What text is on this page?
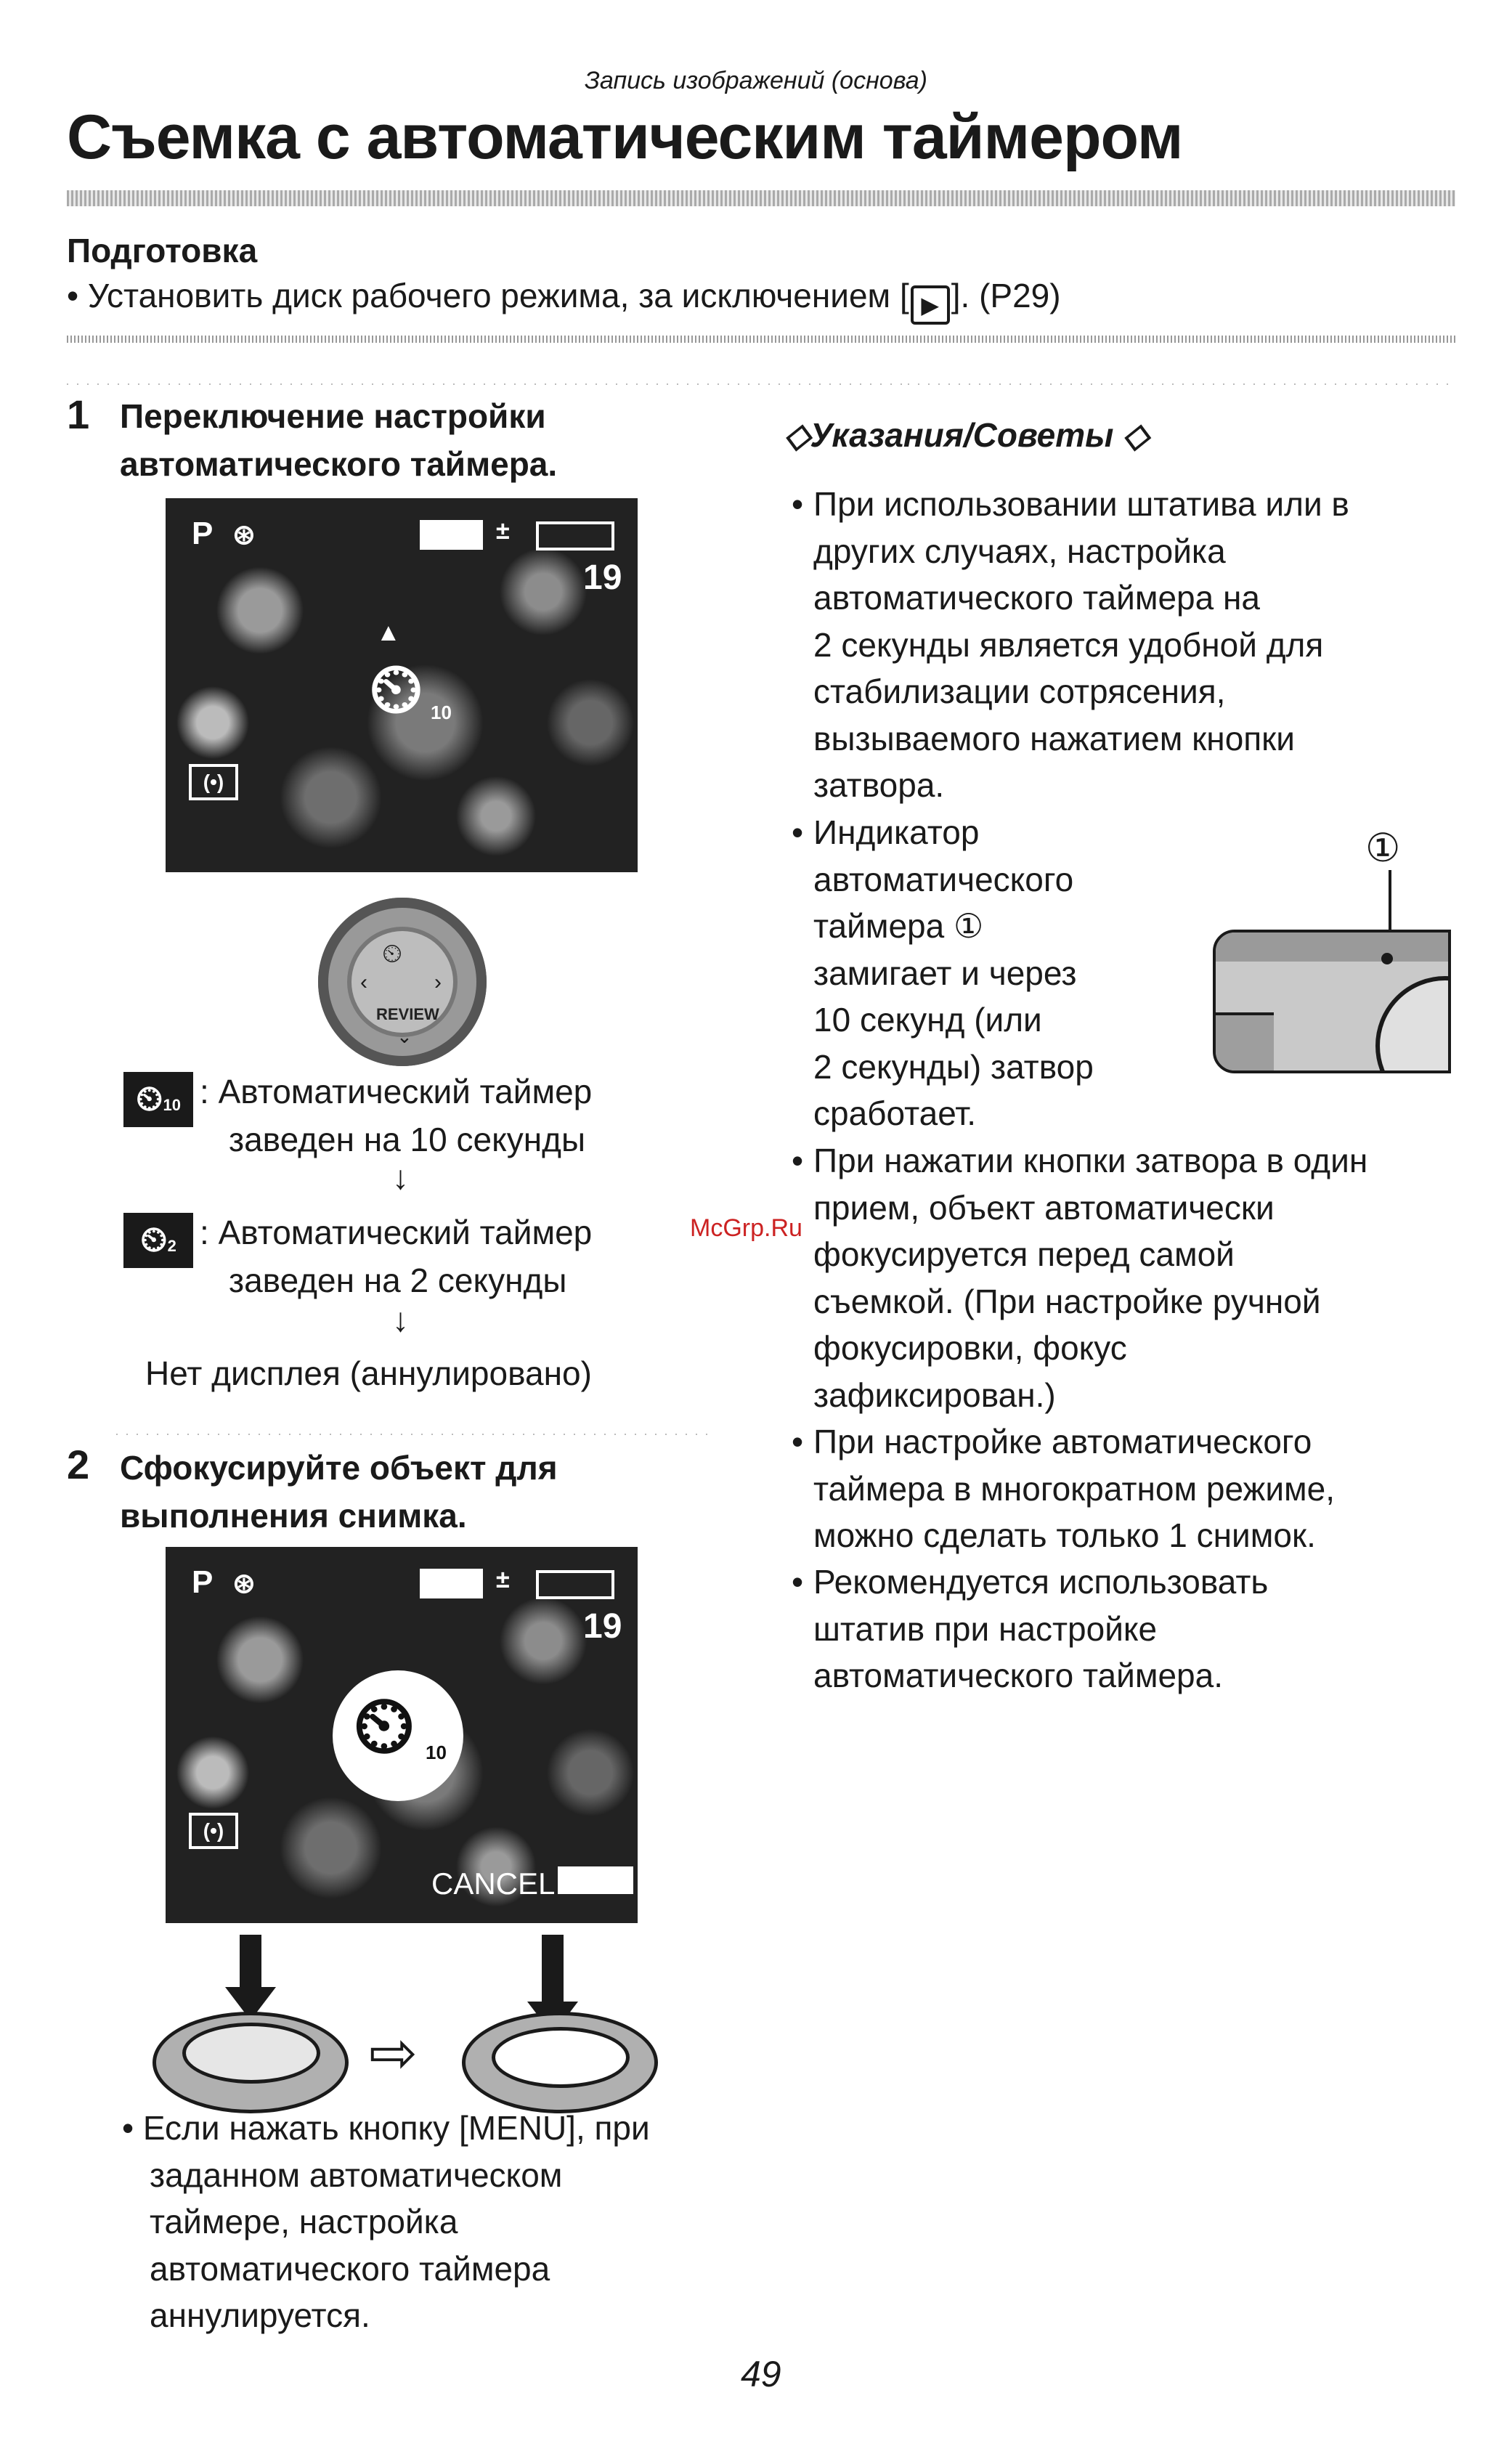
Запись изображений (основа)
Съемка с автоматическим таймером
Подготовка
• Установить диск рабочего режима, за исключением [ ▶ ]. (P29)
1 Переключение настройки
автоматического таймера.
P ⊛	2560 ±
19
▲
⏲ 10
(•)
⏲
REVIEW
‹	›
⌄
⏲10 : Автоматический таймер
заведен на 10 секунды
↓
⏲2 : Автоматический таймер
заведен на 2 секунды
↓
Нет дисплея (аннулировано)
2 Сфокусируйте объект для
выполнения снимка.
P ⊛	2560 ±
19
⏲ 10
(•)
CANCEL MENU
⇨
• Если нажать кнопку [MENU], при
заданном автоматическом
таймере, настройка
автоматического таймера
аннулируется.
◇Указания/Советы ◇
• При использовании штатива или в
других случаях, настройка
автоматического таймера на
2 секунды является удобной для
стабилизации сотрясения,
вызываемого нажатием кнопки
затвора.
• Индикатор
автоматического
таймера ①
замигает и через
10 секунд (или
2 секунды) затвор
сработает.
①
• При нажатии кнопки затвора в один
прием, объект автоматически
фокусируется перед самой
съемкой. (При настройке ручной
фокусировки, фокус
зафиксирован.)
• При настройке автоматического
таймера в многократном режиме,
можно сделать только 1 снимок.
• Рекомендуется использовать
штатив при настройке
автоматического таймера.
McGrp.Ru
49
